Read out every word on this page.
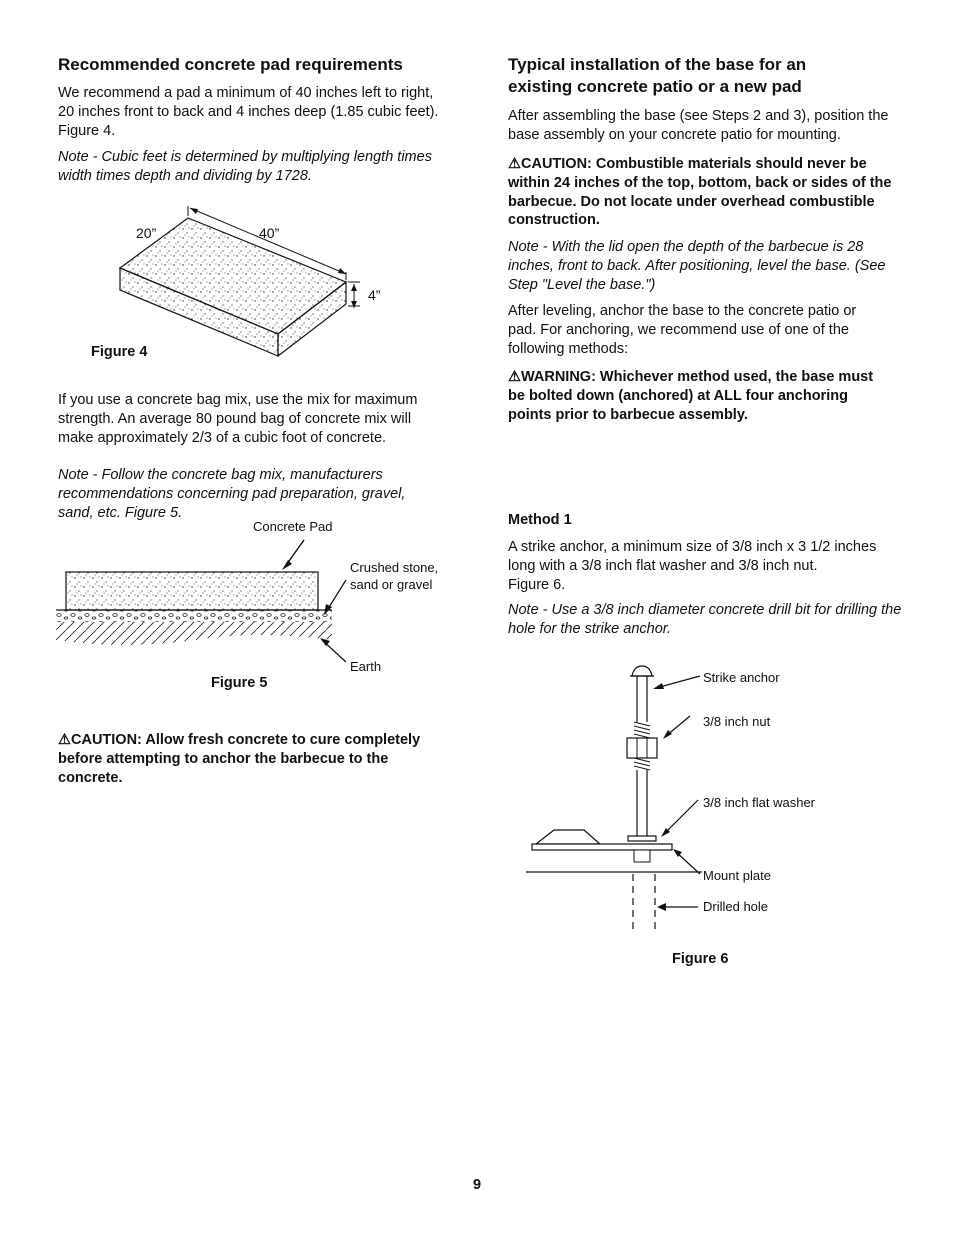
Recommended concrete pad requirements

We recommend a pad a minimum of 40 inches left to right, 20 inches front to back and 4 inches deep (1.85 cubic feet). Figure 4.

Note - Cubic feet is determined by multiplying length times width times depth and dividing by 1728.

20”	40”
4”
Figure 4

If you use a concrete bag mix, use the mix for maximum strength. An average 80 pound bag of concrete mix will make approximately 2/3 of a cubic foot of concrete.

Note - Follow the concrete bag mix, manufacturers recommendations concerning pad preparation, gravel, sand, etc. Figure 5.

Concrete Pad
Crushed stone, sand or gravel
Earth
Figure 5

⚠CAUTION: Allow fresh concrete to cure completely before attempting to anchor the barbecue to the concrete.

Typical installation of the base for an existing concrete patio or a new pad

After assembling the base (see Steps 2 and 3), position the base assembly on your concrete patio for mounting.

⚠CAUTION: Combustible materials should never be within 24 inches of the top, bottom, back or sides of the barbecue. Do not locate under overhead combustible construction.

Note - With the lid open the depth of the barbecue is 28 inches, front to back. After positioning, level the base. (See Step "Level the base.")

After leveling, anchor the base to the concrete patio or pad. For anchoring, we recommend use of one of the following methods:

⚠WARNING: Whichever method used, the base must be bolted down (anchored) at ALL four anchoring points prior to barbecue assembly.

Method 1

A strike anchor, a minimum size of 3/8 inch x 3 1/2 inches long with a 3/8 inch flat washer and 3/8 inch nut.
Figure 6.

Note - Use a 3/8 inch diameter concrete drill bit for drilling the hole for the strike anchor.

Strike anchor
3/8 inch nut
3/8 inch flat washer
Mount plate
Drilled hole
Figure 6
9
